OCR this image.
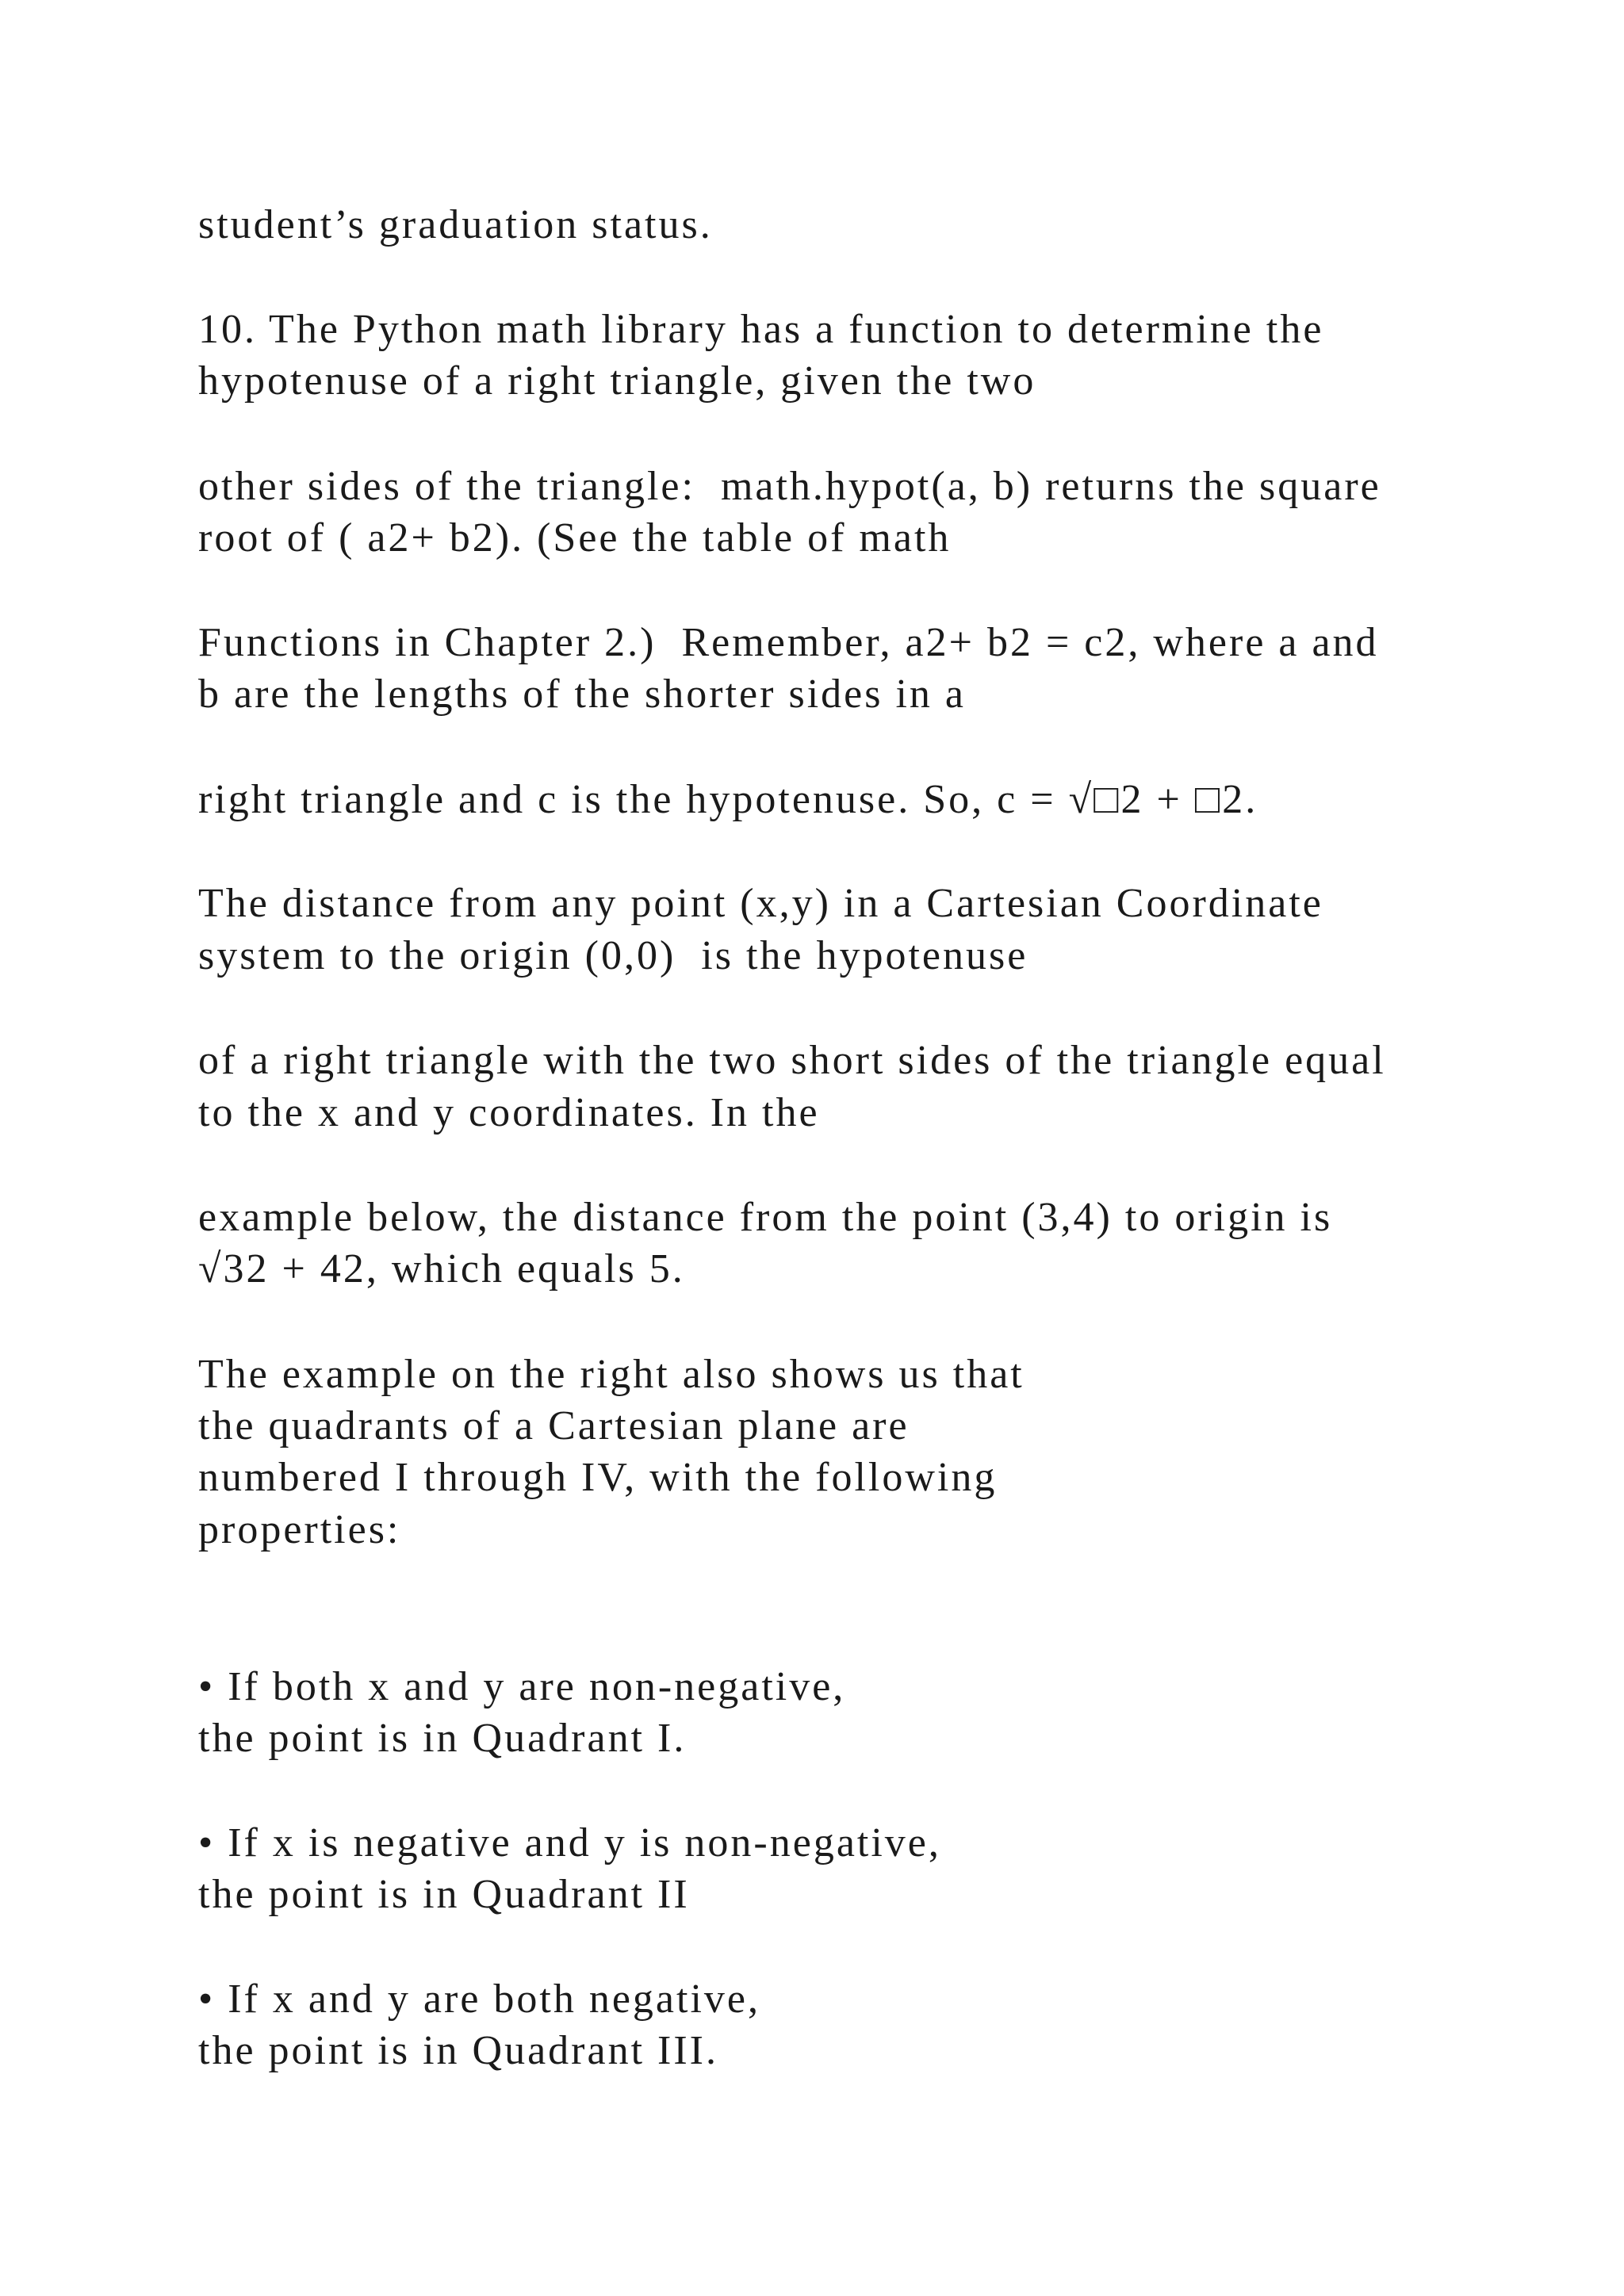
student’s graduation status.
10. The Python math library has a function to determine the
hypotenuse of a right triangle, given the two
other sides of the triangle:  math.hypot(a, b) returns the square
root of ( a2+ b2). (See the table of math
Functions in Chapter 2.)  Remember, a2+ b2 = c2, where a and
b are the lengths of the shorter sides in a
right triangle and c is the hypotenuse. So, c = √□2 + □2.
The distance from any point (x,y) in a Cartesian Coordinate
system to the origin (0,0)  is the hypotenuse
of a right triangle with the two short sides of the triangle equal
to the x and y coordinates. In the
example below, the distance from the point (3,4) to origin is
√32 + 42, which equals 5.
The example on the right also shows us that
the quadrants of a Cartesian plane are
numbered I through IV, with the following
properties:
• If both x and y are non-negative,
the point is in Quadrant I.
• If x is negative and y is non-negative,
the point is in Quadrant II
• If x and y are both negative,
the point is in Quadrant III.
